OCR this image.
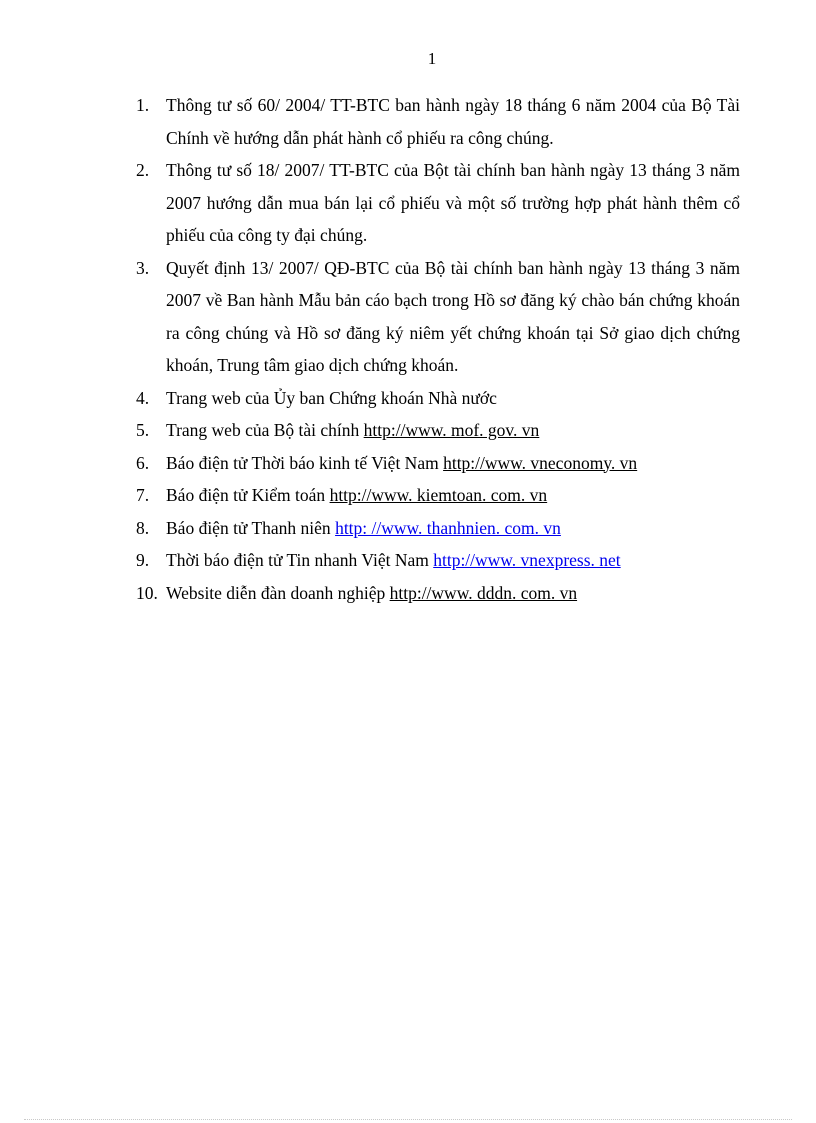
1
1. Thông tư số 60/ 2004/ TT-BTC ban hành ngày 18 tháng 6 năm 2004 của Bộ Tài Chính về hướng dẫn phát hành cổ phiếu ra công chúng.
2. Thông tư số 18/ 2007/ TT-BTC của Bột tài chính ban hành ngày 13 tháng 3 năm 2007 hướng dẫn mua bán lại cổ phiếu và một số trường hợp phát hành thêm cổ phiếu của công ty đại chúng.
3. Quyết định 13/ 2007/ QĐ-BTC của Bộ tài chính ban hành ngày 13 tháng 3 năm 2007 về Ban hành Mẫu bản cáo bạch trong Hồ sơ đăng ký chào bán chứng khoán ra công chúng và Hồ sơ đăng ký niêm yết chứng khoán tại Sở giao dịch chứng khoán, Trung tâm giao dịch chứng khoán.
4. Trang web của Ủy ban Chứng khoán Nhà nước
5. Trang web của Bộ tài chính http://www. mof. gov. vn
6. Báo điện tử Thời báo kinh tế Việt Nam http://www. vneconomy. vn
7. Báo điện tử Kiểm toán http://www. kiemtoan. com. vn
8. Báo điện tử Thanh niên http: //www. thanhnien. com. vn
9. Thời báo điện tử Tin nhanh Việt Nam http://www. vnexpress. net
10. Website diễn đàn doanh nghiệp http://www. dddn. com. vn
